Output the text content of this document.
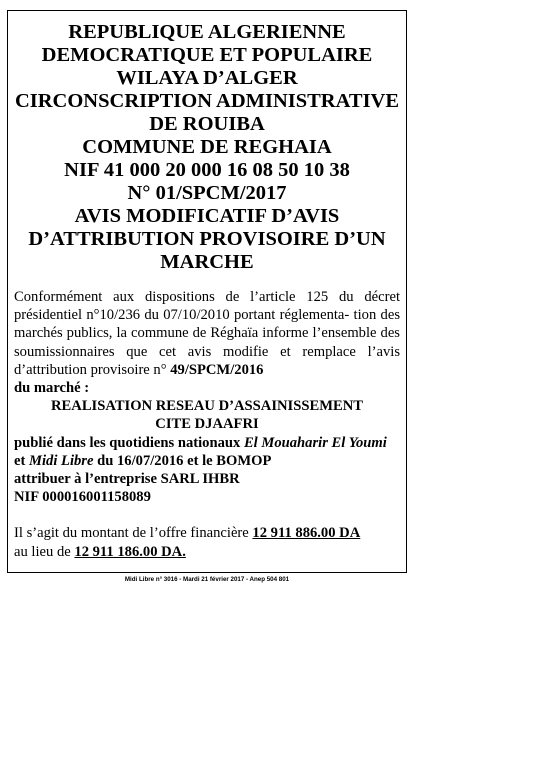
REPUBLIQUE ALGERIENNE
DEMOCRATIQUE ET POPULAIRE
WILAYA D’ALGER
CIRCONSCRIPTION ADMINISTRATIVE
DE ROUIBA
COMMUNE DE REGHAIA
NIF 41 000 20 000 16 08 50 10 38
N° 01/SPCM/2017
AVIS MODIFICATIF D’AVIS
D’ATTRIBUTION PROVISOIRE D’UN
MARCHE
Conformément aux dispositions de l’article 125 du décret présidentiel n°10/236 du 07/10/2010 portant réglementa- tion des marchés publics, la commune de Réghaïa informe l’ensemble des soumissionnaires que cet avis modifie et remplace l’avis d’attribution provisoire n° 49/SPCM/2016
du marché :
REALISATION RESEAU D’ASSAINISSEMENT
CITE DJAAFRI
publié dans les quotidiens nationaux El Mouaharir El Youmi et Midi Libre du 16/07/2016 et le BOMOP
attribuer à l’entreprise SARL IHBR
NIF 000016001158089
Il s’agit du montant de l’offre financière 12 911 886.00 DA
au lieu de 12 911 186.00 DA.
Midi Libre n° 3016 - Mardi 21 février 2017 - Anep 504 801
